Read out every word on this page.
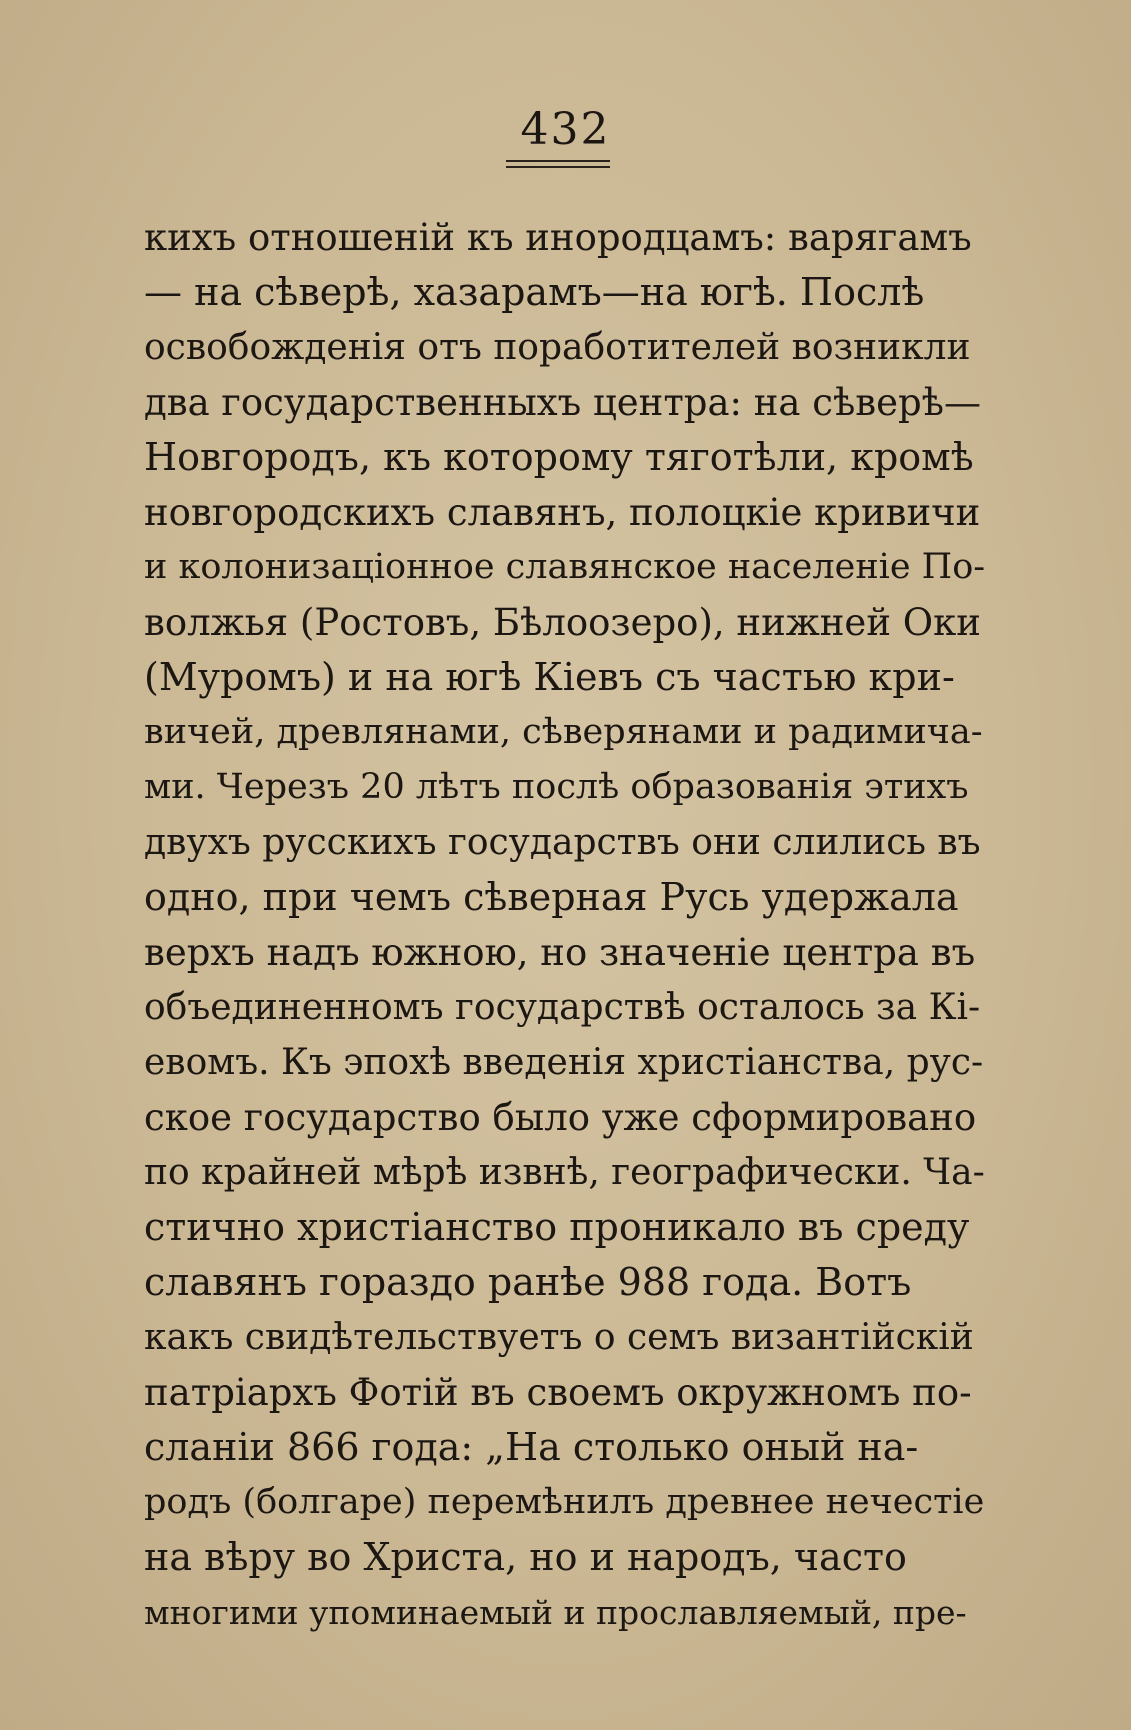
432
кихъ отношеній къ инородцамъ: варягамъ
— на сѣверѣ, хазарамъ—на югѣ. Послѣ
освобожденія отъ поработителей возникли
два государственныхъ центра: на сѣверѣ—
Новгородъ, къ которому тяготѣли, кромѣ
новгородскихъ славянъ, полоцкіе кривичи
и колонизаціонное славянское населеніе По-
волжья (Ростовъ, Бѣлоозеро), нижней Оки
(Муромъ) и на югѣ Кіевъ съ частью кри-
вичей, древлянами, сѣверянами и радимича-
ми. Черезъ 20 лѣтъ послѣ образованія этихъ
двухъ русскихъ государствъ они слились въ
одно, при чемъ сѣверная Русь удержала
верхъ надъ южною, но значеніе центра въ
объединенномъ государствѣ осталось за Кі-
евомъ. Къ эпохѣ введенія христіанства, рус-
ское государство было уже сформировано
по крайней мѣрѣ извнѣ, географически. Ча-
стично христіанство проникало въ среду
славянъ гораздо ранѣе 988 года. Вотъ
какъ свидѣтельствуетъ о семъ византійскій
патріархъ Фотій въ своемъ окружномъ по-
сланіи 866 года: „На столько оный на-
родъ (болгаре) перемѣнилъ древнее нечестіе
на вѣру во Христа, но и народъ, часто
многими упоминаемый и прославляемый, пре-
